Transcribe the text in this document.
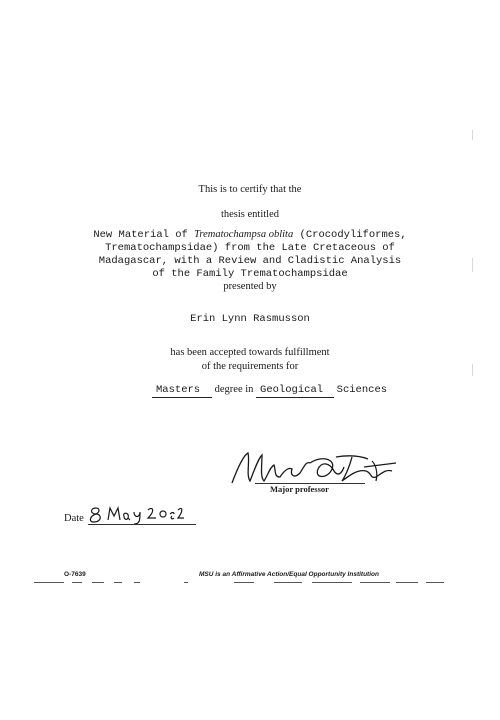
This is to certify that the
thesis entitled
New Material of Trematochampsa oblita (Crocodyliformes,
Trematochampsidae) from the Late Cretaceous of
Madagascar, with a Review and Cladistic Analysis
of the Family Trematochampsidae
presented by
Erin Lynn Rasmusson
has been accepted towards fulfillment
of the requirements for
Masters degree in Geological Sciences
Major professor
Date
O-7639	MSU is an Affirmative Action/Equal Opportunity Institution
